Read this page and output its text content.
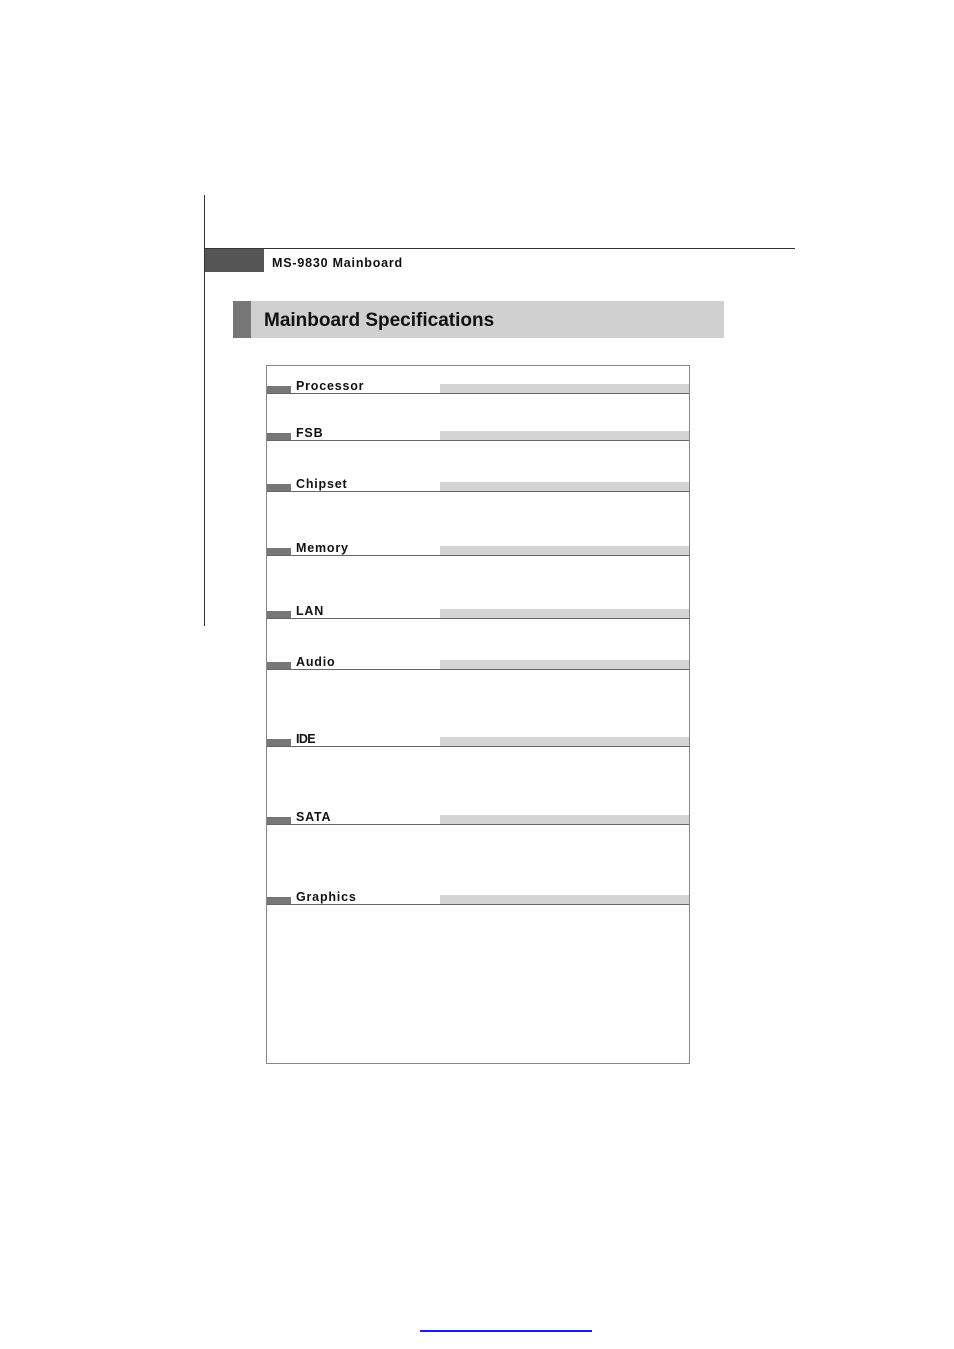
MS-9830 Mainboard
Mainboard Specifications
Processor
FSB
Chipset
Memory
LAN
Audio
IDE
SATA
Graphics
